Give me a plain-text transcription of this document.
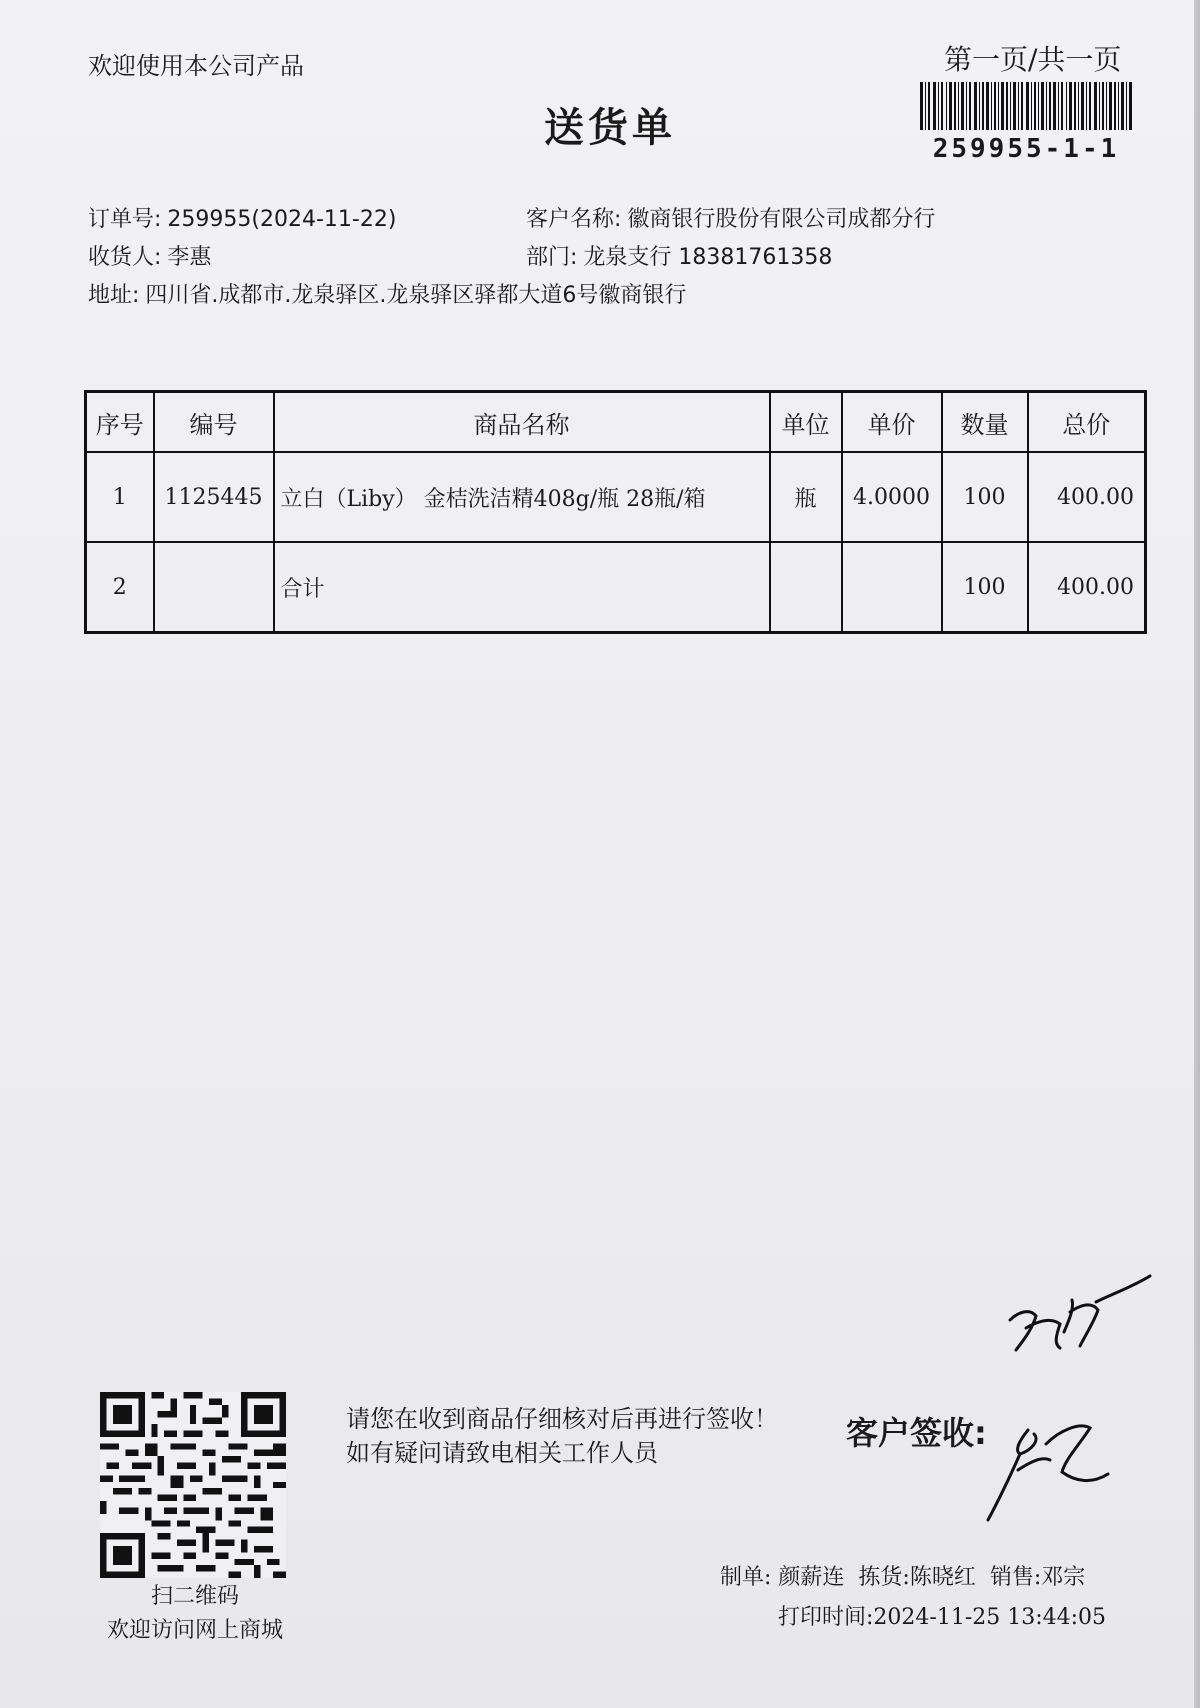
欢迎使用本公司产品	第一页/共一页
259955-1-1
送货单
订单号: 259955(2024-11-22)	客户名称: 徽商银行股份有限公司成都分行
收货人: 李惠	部门: 龙泉支行 18381761358
地址: 四川省.成都市.龙泉驿区.龙泉驿区驿都大道6号徽商银行
序号	编号	商品名称	单位	单价	数量	总价
1	1125445	立白（Liby） 金桔洗洁精408g/瓶 28瓶/箱	瓶	4.0000	100	400.00
2		合计			100	400.00
扫二维码
欢迎访问网上商城
请您在收到商品仔细核对后再进行签收！如有疑问请致电相关工作人员
客户签收:
制单: 颜薪连 拣货:陈晓红 销售:邓宗
打印时间:2024-11-25 13:44:05
